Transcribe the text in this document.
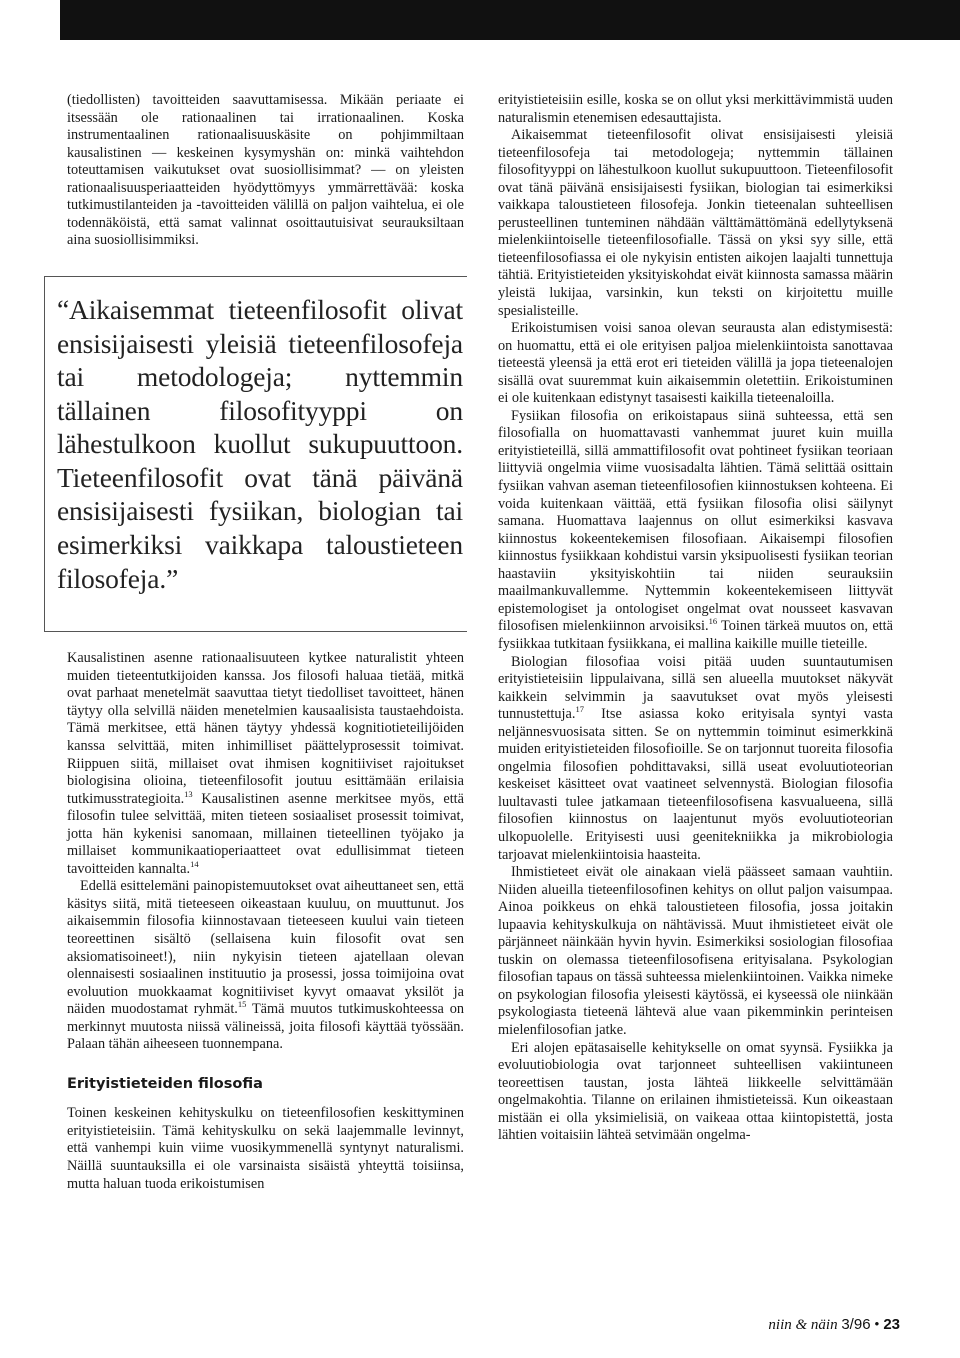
(tiedollisten) tavoitteiden saavuttamisessa. Mikään periaate ei itsessään ole rationaalinen tai irrationaalinen. Koska instrumentaalinen rationaalisuuskäsite on pohjimmiltaan kausalistinen — keskeinen kysymyshän on: minkä vaihtehdon toteuttamisen vaikutukset ovat suosiollisimmat? — on yleisten rationaalisuusperiaatteiden hyödyttömyys ymmärrettävää: koska tutkimustilanteiden ja -tavoitteiden välillä on paljon vaihtelua, ei ole todennäköistä, että samat valinnat osoittautuisivat seurauksiltaan aina suosiollisimmiksi.

“Aikaisemmat tieteenfilosofit olivat ensisijaisesti yleisiä tieteenfilosofeja tai metodologeja; nyttemmin tällainen filosofityyppi on lähestulkoon kuollut sukupuuttoon. Tieteenfilosofit ovat tänä päivänä ensisijaisesti fysiikan, biologian tai esimerkiksi vaikkapa taloustieteen filosofeja.”

Kausalistinen asenne rationaalisuuteen kytkee naturalistit yhteen muiden tieteentutkijoiden kanssa. Jos filosofi haluaa tietää, mitkä ovat parhaat menetelmät saavuttaa tietyt tiedolliset tavoitteet, hänen täytyy olla selvillä näiden menetelmien kausaalisista taustaehdoista. Tämä merkitsee, että hänen täytyy yhdessä kognitiotieteilijöiden kanssa selvittää, miten inhimilliset päättelyprosessit toimivat. Riippuen siitä, millaiset ovat ihmisen kognitiiviset rajoitukset biologisina olioina, tieteenfilosofit joutuu esittämään erilaisia tutkimusstrategioita.$^{13}$ Kausalistinen asenne merkitsee myös, että filosofin tulee selvittää, miten tieteen sosiaaliset prosessit toimivat, jotta hän kykenisi sanomaan, millainen tieteellinen työjako ja millaiset kommunikaatioperiaatteet ovat edullisimmat tieteen tavoitteiden kannalta.$^{14}$

Edellä esittelemäni painopistemuutokset ovat aiheuttaneet sen, että käsitys siitä, mitä tieteeseen oikeastaan kuuluu, on muuttunut. Jos aikaisemmin filosofia kiinnostavaan tieteeseen kuului vain tieteen teoreettinen sisältö (sellaisena kuin filosofit ovat sen aksiomatisoineet!), niin nykyisin tieteen ajatellaan olevan olennaisesti sosiaalinen instituutio ja prosessi, jossa toimijoina ovat evoluution muokkaamat kognitiiviset kyvyt omaavat yksilöt ja näiden muodostamat ryhmät.$^{15}$ Tämä muutos tutkimuskohteessa on merkinnyt muutosta niissä välineissä, joita filosofi käyttää työssään. Palaan tähän aiheeseen tuonnempana.

Erityistieteiden filosofia

Toinen keskeinen kehityskulku on tieteenfilosofien keskittyminen erityistieteisiin. Tämä kehityskulku on sekä laajemmalle levinnyt, että vanhempi kuin viime vuosikymmenellä syntynyt naturalismi. Näillä suuntauksilla ei ole varsinaista sisäistä yhteyttä toisiinsa, mutta haluan tuoda erikoistumisen

erityistieteisiin esille, koska se on ollut yksi merkittävimmistä uuden naturalismin etenemisen edesauttajista.

Aikaisemmat tieteenfilosofit olivat ensisijaisesti yleisiä tieteenfilosofeja tai metodologeja; nyttemmin tällainen filosofityyppi on lähestulkoon kuollut sukupuuttoon. Tieteenfilosofit ovat tänä päivänä ensisijaisesti fysiikan, biologian tai esimerkiksi vaikkapa taloustieteen filosofeja. Jonkin tieteenalan suhteellisen perusteellinen tunteminen nähdään välttämättömänä edellytyksenä mielenkiintoiselle tieteenfilosofialle. Tässä on yksi syy sille, että tieteenfilosofiassa ei ole nykyisin entisten aikojen laajalti tunnettuja tähtiä. Erityistieteiden yksityiskohdat eivät kiinnosta samassa määrin yleistä lukijaa, varsinkin, kun teksti on kirjoitettu muille spesialisteille.

Erikoistumisen voisi sanoa olevan seurausta alan edistymisestä: on huomattu, että ei ole erityisen paljoa mielenkiintoista sanottavaa tieteestä yleensä ja että erot eri tieteiden välillä ja jopa tieteenalojen sisällä ovat suuremmat kuin aikaisemmin oletettiin. Erikoistuminen ei ole kuitenkaan edistynyt tasaisesti kaikilla tieteenaloilla.

Fysiikan filosofia on erikoistapaus siinä suhteessa, että sen filosofialla on huomattavasti vanhemmat juuret kuin muilla erityistieteillä, sillä ammattifilosofit ovat pohtineet fysiikan teoriaan liittyviä ongelmia viime vuosisadalta lähtien. Tämä selittää osittain fysiikan vahvan aseman tieteenfilosofien kiinnostuksen kohteena. Ei voida kuitenkaan väittää, että fysiikan filosofia olisi säilynyt samana. Huomattava laajennus on ollut esimerkiksi kasvava kiinnostus kokeentekemisen filosofiaan. Aikaisempi filosofien kiinnostus fysiikkaan kohdistui varsin yksipuolisesti fysiikan teorian haastaviin yksityiskohtiin tai niiden seurauksiin maailmankuvallemme. Nyttemmin kokeentekemiseen liittyvät epistemologiset ja ontologiset ongelmat ovat nousseet kasvavan filosofisen mielenkiinnon arvoisiksi.$^{16}$ Toinen tärkeä muutos on, että fysiikkaa tutkitaan fysiikkana, ei mallina kaikille muille tieteille.

Biologian filosofiaa voisi pitää uuden suuntautumisen erityistieteisiin lippulaivana, sillä sen alueella muutokset näkyvät kaikkein selvimmin ja saavutukset ovat myös yleisesti tunnustettuja.$^{17}$ Itse asiassa koko erityisala syntyi vasta neljännesvuosisata sitten. Se on nyttemmin toiminut esimerkkinä muiden erityistieteiden filosofioille. Se on tarjonnut tuoreita filosofia ongelmia filosofien pohdittavaksi, sillä useat evoluutioteorian keskeiset käsitteet ovat vaatineet selvennystä. Biologian filosofia luultavasti tulee jatkamaan tieteenfilosofisena kasvualueena, sillä filosofien kiinnostus on laajentunut myös evoluutioteorian ulkopuolelle. Erityisesti uusi geenitekniikka ja mikrobiologia tarjoavat mielenkiintoisia haasteita.

Ihmistieteet eivät ole ainakaan vielä päässeet samaan vauhtiin. Niiden alueilla tieteenfilosofinen kehitys on ollut paljon vaisumpaa. Ainoa poikkeus on ehkä taloustieteen filosofia, jossa joitakin lupaavia kehityskulkuja on nähtävissä. Muut ihmistieteet eivät ole pärjänneet näinkään hyvin hyvin. Esimerkiksi sosiologian filosofiaa tuskin on olemassa tieteenfilosofisena erityisalana. Psykologian filosofian tapaus on tässä suhteessa mielenkiintoinen. Vaikka nimeke on psykologian filosofia yleisesti käytössä, ei kyseessä ole niinkään psykologiasta tieteenä lähtevä alue vaan pikemminkin perinteisen mielenfilosofian jatke.

Eri alojen epätasaiselle kehitykselle on omat syynsä. Fysiikka ja evoluutiobiologia ovat tarjonneet suhteellisen vakiintuneen teoreettisen taustan, josta lähteä liikkeelle selvittämään ongelmakohtia. Tilanne on erilainen ihmistieteissä. Kun oikeastaan mistään ei olla yksimielisiä, on vaikeaa ottaa kiintopistettä, josta lähtien voitaisiin lähteä setvimään ongelma-

niin & näin 3/96 • 23
